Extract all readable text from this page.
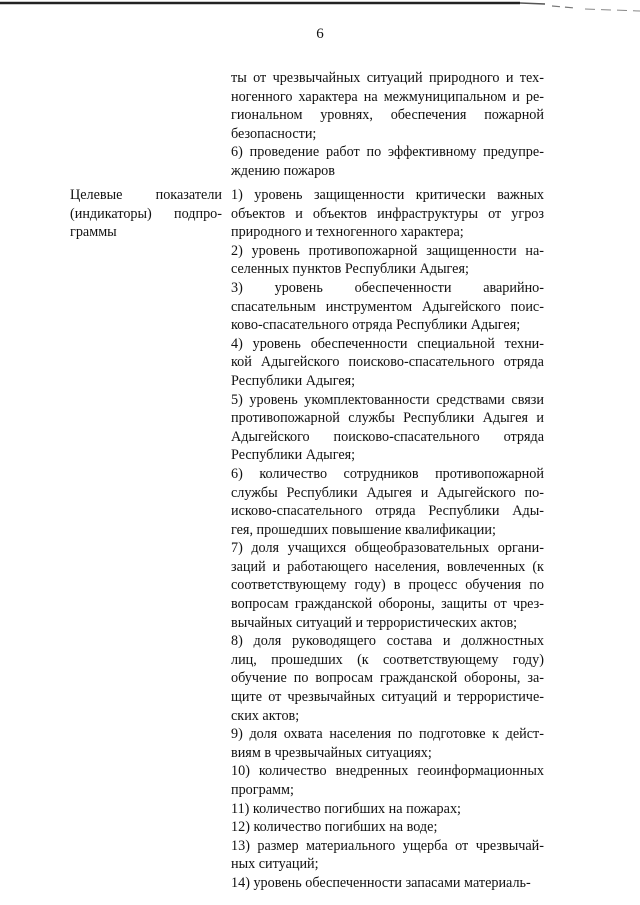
6
ты от чрезвычайных ситуаций природного и тех-
ногенного характера на межмуниципальном и ре-
гиональном уровнях, обеспечения пожарной
безопасности;
6) проведение работ по эффективному предупре-
ждению пожаров
Целевые показатели
(индикаторы) подпро-
граммы
1) уровень защищенности критически важных
объектов и объектов инфраструктуры от угроз
природного и техногенного характера;
2) уровень противопожарной защищенности на-
селенных пунктов Республики Адыгея;
3) уровень обеспеченности аварийно-
спасательным инструментом Адыгейского поис-
ково-спасательного отряда Республики Адыгея;
4) уровень обеспеченности специальной техни-
кой Адыгейского поисково-спасательного отряда
Республики Адыгея;
5) уровень укомплектованности средствами связи
противопожарной службы Республики Адыгея и
Адыгейского поисково-спасательного отряда
Республики Адыгея;
6) количество сотрудников противопожарной
службы Республики Адыгея и Адыгейского по-
исково-спасательного отряда Республики Ады-
гея, прошедших повышение квалификации;
7) доля учащихся общеобразовательных органи-
заций и работающего населения, вовлеченных (к
соответствующему году) в процесс обучения по
вопросам гражданской обороны, защиты от чрез-
вычайных ситуаций и террористических актов;
8) доля руководящего состава и должностных
лиц, прошедших (к соответствующему году)
обучение по вопросам гражданской обороны, за-
щите от чрезвычайных ситуаций и террористиче-
ских актов;
9) доля охвата населения по подготовке к дейст-
виям в чрезвычайных ситуациях;
10) количество внедренных геоинформационных
программ;
11) количество погибших на пожарах;
12) количество погибших на воде;
13) размер материального ущерба от чрезвычай-
ных ситуаций;
14) уровень обеспеченности запасами материаль-
